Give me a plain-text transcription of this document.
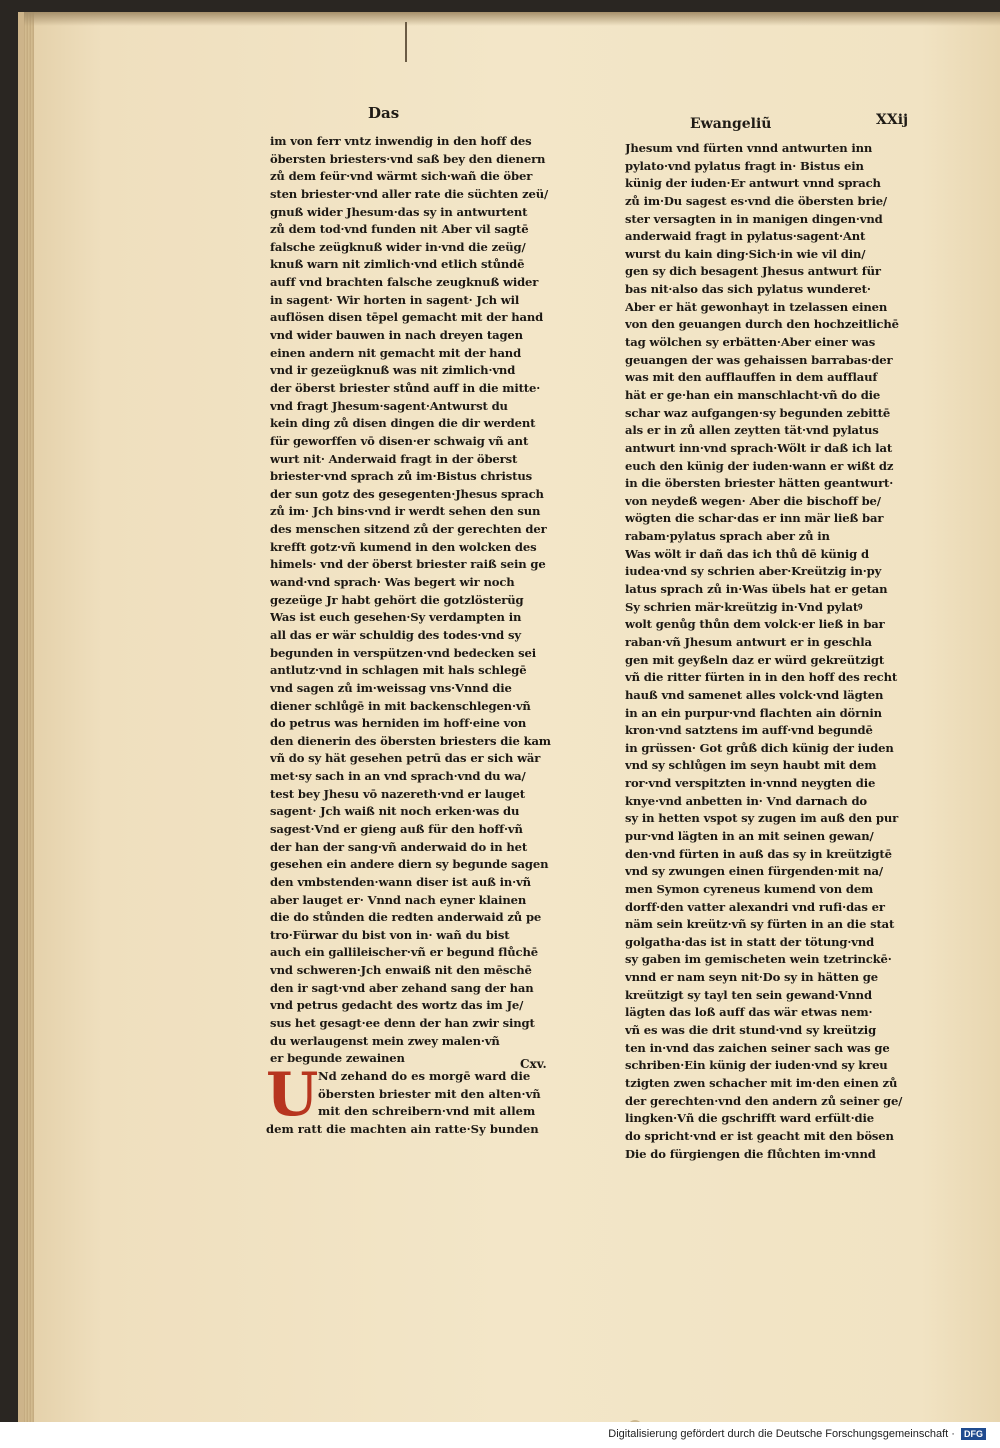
Das
Ewangeliũ	XXij
im von ferr vntz inwendig in den hoff des
öbersten briesters·vnd saß bey den dienern
zů dem feür·vnd wärmt sich·wañ die öber
sten briester·vnd aller rate die süchten zeü/
gnuß wider Jhesum·das sy in antwurtent
zů dem tod·vnd funden nit Aber vil sagtē
falsche zeügknuß wider in·vnd die zeüg/
knuß warn nit zimlich·vnd etlich stůndē
auff vnd brachten falsche zeugknuß wider
in sagent· Wir horten in sagent· Jch wil
auflösen disen tēpel gemacht mit der hand
vnd wider bauwen in nach dreyen tagen
einen andern nit gemacht mit der hand
vnd ir gezeügknuß was nit zimlich·vnd
der öberst briester stůnd auff in die mitte·
vnd fragt Jhesum·sagent·Antwurst du
kein ding zů disen dingen die dir werdent
für geworffen vō disen·er schwaig vñ ant
wurt nit· Anderwaid fragt in der öberst
briester·vnd sprach zů im·Bistus christus
der sun gotz des gesegenten·Jhesus sprach
zů im· Jch bins·vnd ir werdt sehen den sun
des menschen sitzend zů der gerechten der
krefft gotz·vñ kumend in den wolcken des
himels· vnd der öberst briester raiß sein ge
wand·vnd sprach· Was begert wir noch
gezeüge Jr habt gehört die gotzlösterüg
Was ist euch gesehen·Sy verdampten in
all das er wär schuldig des todes·vnd sy
begunden in verspützen·vnd bedecken sei
antlutz·vnd in schlagen mit hals schlegē
vnd sagen zů im·weissag vns·Vnnd die
diener schlůgē in mit backenschlegen·vñ
do petrus was herniden im hoff·eine von
den dienerin des öbersten briesters die kam
vñ do sy hät gesehen petrū das er sich wär
met·sy sach in an vnd sprach·vnd du wa/
test bey Jhesu vō nazereth·vnd er lauget
sagent· Jch waiß nit noch erken·was du
sagest·Vnd er gieng auß für den hoff·vñ
der han der sang·vñ anderwaid do in het
gesehen ein andere diern sy begunde sagen
den vmbstenden·wann diser ist auß in·vñ
aber lauget er· Vnnd nach eyner klainen
die do stůnden die redten anderwaid zů pe
tro·Fürwar du bist von in· wañ du bist
auch ein gallileischer·vñ er begund flůchē
vnd schweren·Jch enwaiß nit den mēschē
den ir sagt·vnd aber zehand sang der han
vnd petrus gedacht des wortz das im Je/
sus het gesagt·ee denn der han zwir singt
du werlaugenst mein zwey malen·vñ
er begunde zewainen
Jhesum vnd fürten vnnd antwurten inn
pylato·vnd pylatus fragt in· Bistus ein
künig der iuden·Er antwurt vnnd sprach
zů im·Du sagest es·vnd die öbersten brie/
ster versagten in in manigen dingen·vnd
anderwaid fragt in pylatus·sagent·Ant
wurst du kain ding·Sich·in wie vil din/
gen sy dich besagent Jhesus antwurt für
bas nit·also das sich pylatus wunderet·
Aber er hät gewonhayt in tzelassen einen
von den geuangen durch den hochzeitlichē
tag wölchen sy erbätten·Aber einer was
geuangen der was gehaissen barrabas·der
was mit den aufflauffen in dem aufflauf
hät er ge·han ein manschlacht·vñ do die
schar waz aufgangen·sy begunden zebittē
als er in zů allen zeytten tät·vnd pylatus
antwurt inn·vnd sprach·Wölt ir daß ich lat
euch den künig der iuden·wann er wißt dz
in die öbersten briester hätten geantwurt·
von neydeß wegen· Aber die bischoff be/
wögten die schar·das er inn mär ließ bar
rabam·pylatus sprach aber zů in
Was wölt ir dañ das ich thů dē künig d
iudea·vnd sy schrien aber·Kreützig in·py
latus sprach zů in·Was übels hat er getan
Sy schrien mär·kreützig in·Vnd pylatꝰ
wolt genůg thůn dem volck·er ließ in bar
raban·vñ Jhesum antwurt er in geschla
gen mit geyßeln daz er würd gekreützigt
vñ die ritter fürten in in den hoff des recht
hauß vnd samenet alles volck·vnd lägten
in an ein purpur·vnd flachten ain dörnin
kron·vnd satztens im auff·vnd begundē
in grüssen· Got grůß dich künig der iuden
vnd sy schlůgen im seyn haubt mit dem
ror·vnd verspitzten in·vnnd neygten die
knye·vnd anbetten in· Vnd darnach do
sy in hetten vspot sy zugen im auß den pur
pur·vnd lägten in an mit seinen gewan/
den·vnd fürten in auß das sy in kreützigtē
vnd sy zwungen einen fürgenden·mit na/
men Symon cyreneus kumend von dem
dorff·den vatter alexandri vnd rufi·das er
näm sein kreütz·vñ sy fürten in an die stat
golgatha·das ist in statt der tötung·vnd
sy gaben im gemischeten wein tzetrinckē·
vnnd er nam seyn nit·Do sy in hätten ge
kreützigt sy tayl ten sein gewand·Vnnd
lägten das loß auff das wär etwas nem·
vñ es was die drit stund·vnd sy kreützig
ten in·vnd das zaichen seiner sach was ge
schriben·Ein künig der iuden·vnd sy kreu
tzigten zwen schacher mit im·den einen zů
der gerechten·vnd den andern zů seiner ge/
lingken·Vñ die gschrifft ward erfült·die
do spricht·vnd er ist geacht mit den bösen
Die do fürgiengen die flůchten im·vnnd
Cxv.
U Nd zehand do es morgē ward die
öbersten briester mit den alten·vñ
mit den schreibern·vnd mit allem
dem ratt die machten ain ratte·Sy bunden
Digitalisierung gefördert durch die Deutsche Forschungsgemeinschaft · DFG
